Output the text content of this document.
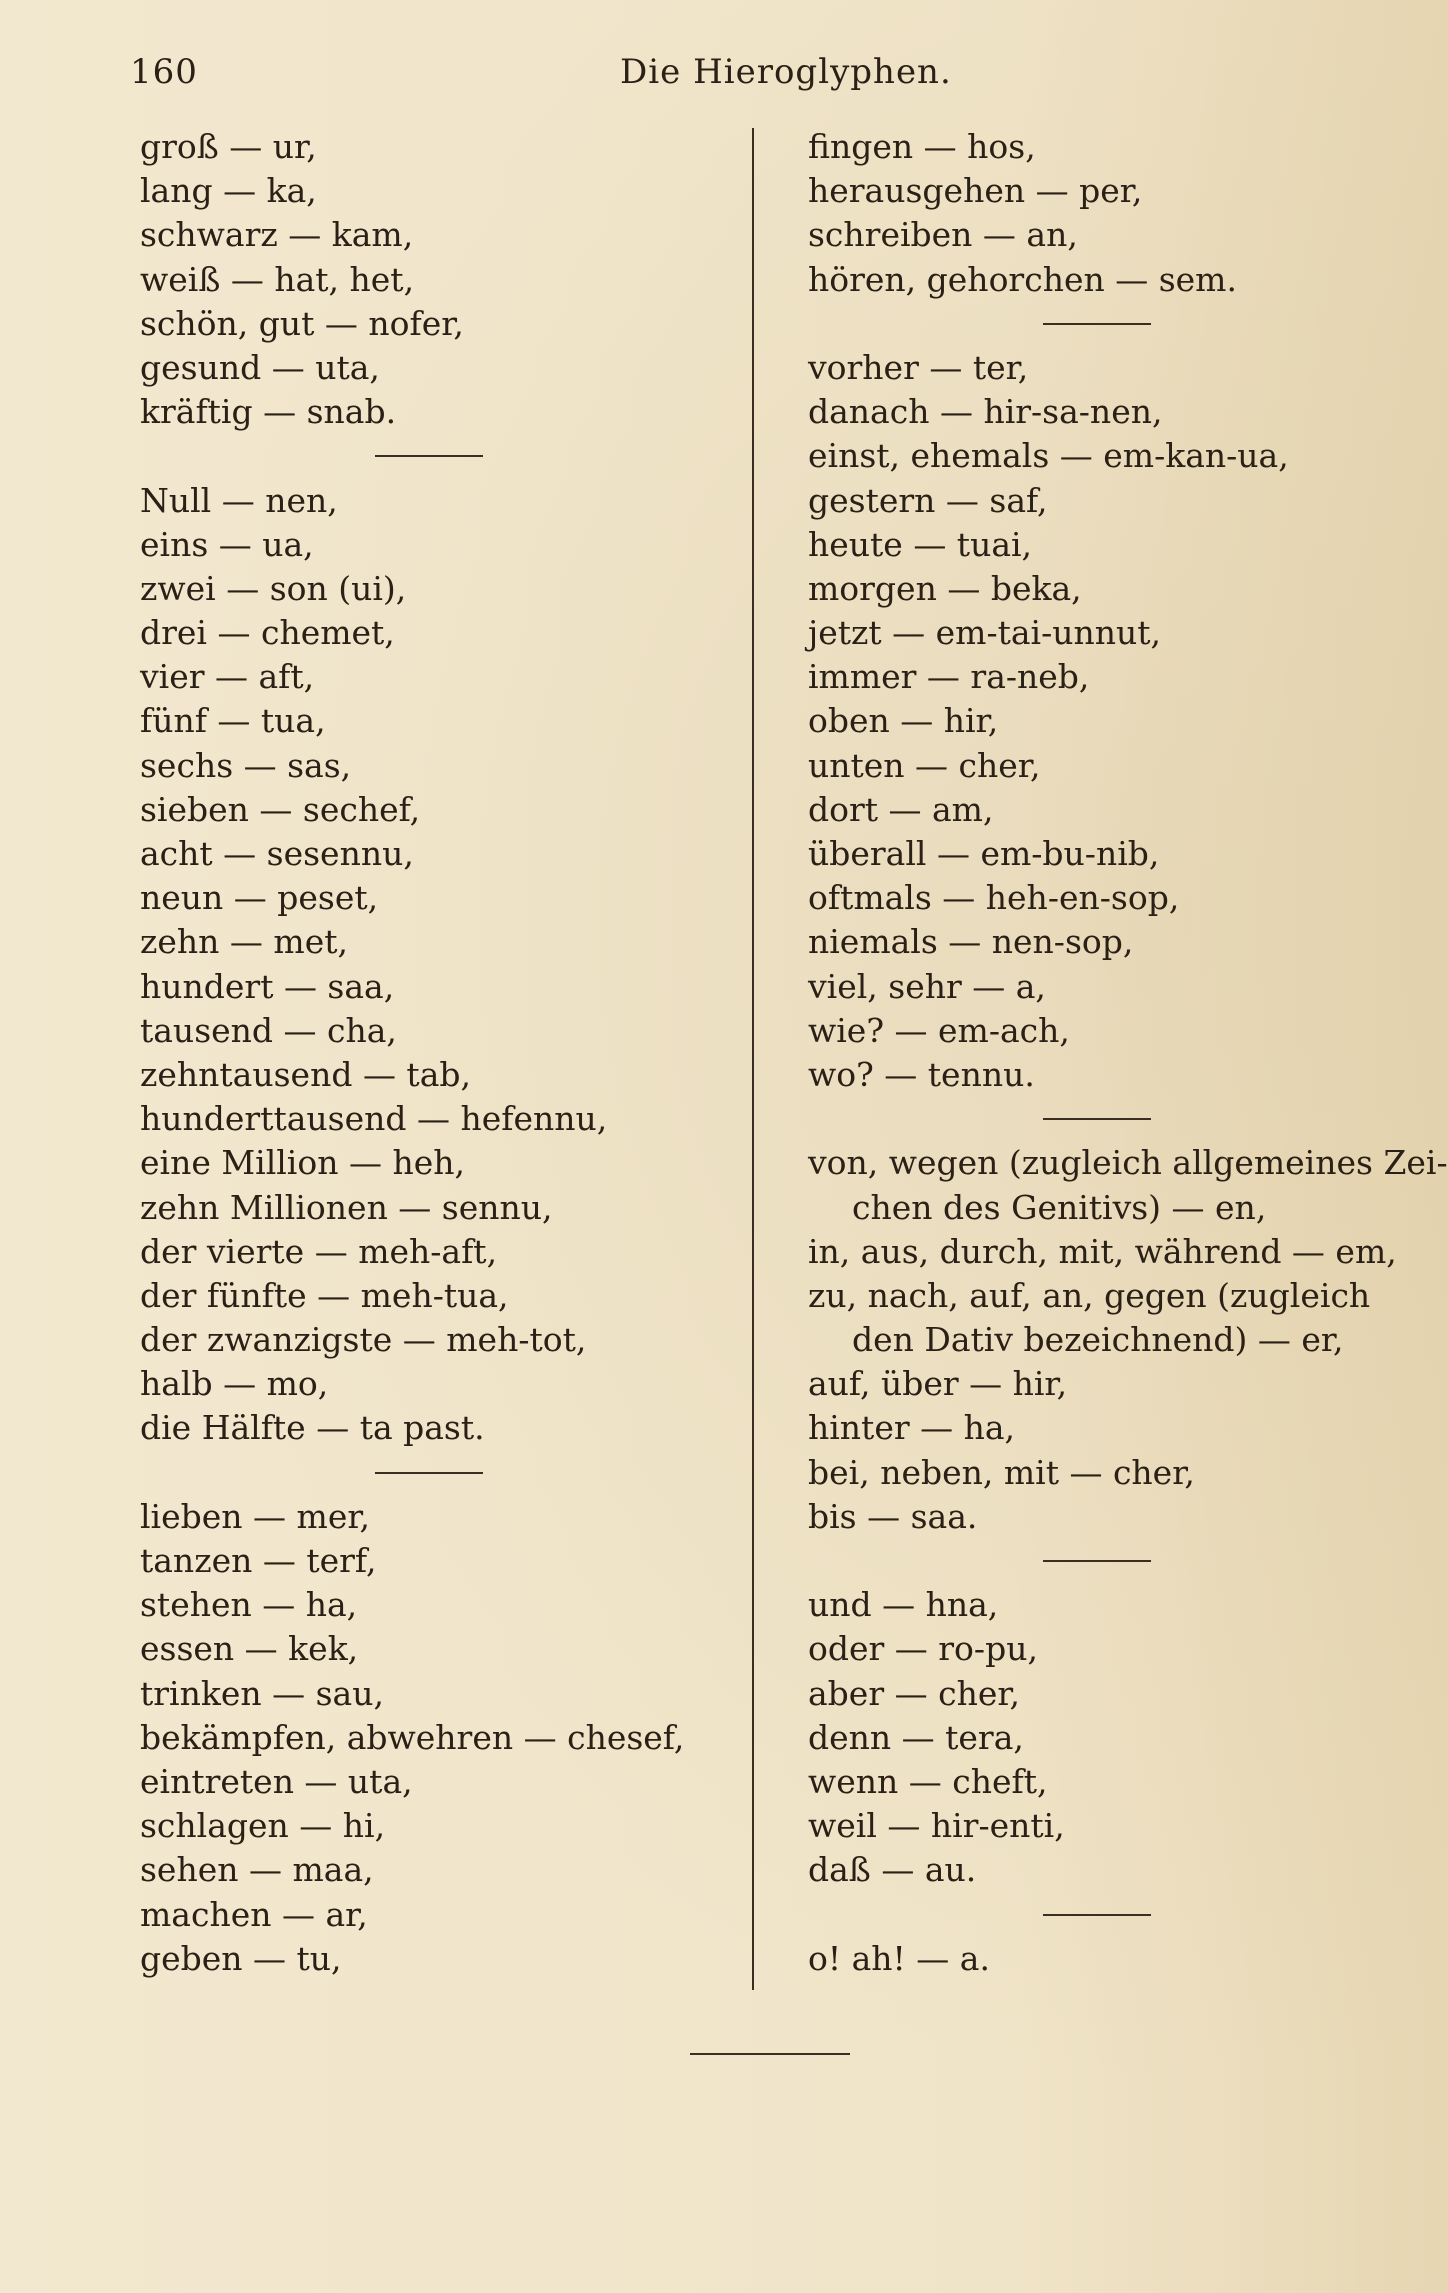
160	Die Hieroglyphen.
groß — ur,
lang — ka,
schwarz — kam,
weiß — hat, het,
schön, gut — nofer,
gesund — uta,
kräftig — snab.
Null — nen,
eins — ua,
zwei — son (ui),
drei — chemet,
vier — aft,
fünf — tua,
sechs — sas,
sieben — sechef,
acht — sesennu,
neun — peset,
zehn — met,
hundert — saa,
tausend — cha,
zehntausend — tab,
hunderttausend — hefennu,
eine Million — heh,
zehn Millionen — sennu,
der vierte — meh-aft,
der fünfte — meh-tua,
der zwanzigste — meh-tot,
halb — mo,
die Hälfte — ta past.
lieben — mer,
tanzen — terf,
stehen — ha,
essen — kek,
trinken — sau,
bekämpfen, abwehren — chesef,
eintreten — uta,
schlagen — hi,
sehen — maa,
machen — ar,
geben — tu,
fingen — hos,
herausgehen — per,
schreiben — an,
hören, gehorchen — sem.
vorher — ter,
danach — hir-sa-nen,
einst, ehemals — em-kan-ua,
gestern — saf,
heute — tuai,
morgen — beka,
jetzt — em-tai-unnut,
immer — ra-neb,
oben — hir,
unten — cher,
dort — am,
überall — em-bu-nib,
oftmals — heh-en-sop,
niemals — nen-sop,
viel, sehr — a,
wie? — em-ach,
wo? — tennu.
von, wegen (zugleich allgemeines Zei-
chen des Genitivs) — en,
in, aus, durch, mit, während — em,
zu, nach, auf, an, gegen (zugleich
den Dativ bezeichnend) — er,
auf, über — hir,
hinter — ha,
bei, neben, mit — cher,
bis — saa.
und — hna,
oder — ro-pu,
aber — cher,
denn — tera,
wenn — cheft,
weil — hir-enti,
daß — au.
o! ah! — a.
